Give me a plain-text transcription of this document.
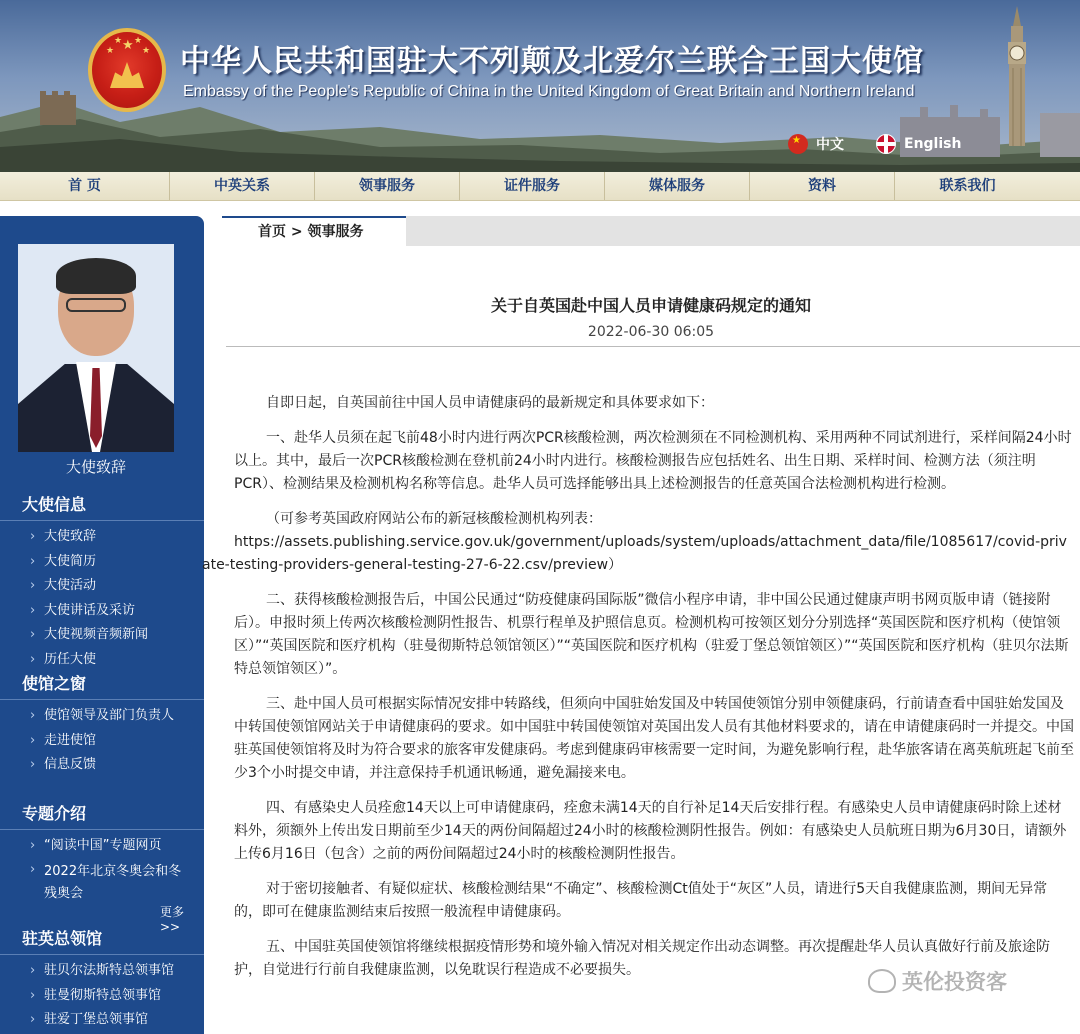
★
★
★ ★
★ 中华人民共和国驻大不列颠及北爱尔兰联合王国大使馆
Embassy of the People's Republic of China in the United Kingdom of Great Britain and Northern Ireland
★
中文	English
首 页	中英关系	领事服务	证件服务	媒体服务	资料	联系我们
大使致辞
大使信息
› 大使致辞
› 大使简历
› 大使活动
› 大使讲话及采访
› 大使视频音频新闻
› 历任大使
使馆之窗
› 使馆领导及部门负责人
› 走进使馆
› 信息反馈
专题介绍
› “阅读中国”专题网页
› 2022年北京冬奥会和冬残奥会
更多>>
驻英总领馆
› 驻贝尔法斯特总领事馆
› 驻曼彻斯特总领事馆
› 驻爱丁堡总领事馆
首页 > 领事服务
关于自英国赴中国人员申请健康码规定的通知
2022-06-30 06:05

自即日起，自英国前往中国人员申请健康码的最新规定和具体要求如下：

一、赴华人员须在起飞前48小时内进行两次PCR核酸检测，两次检测须在不同检测机构、采用两种不同试剂进行，采样间隔24小时以上。其中，最后一次PCR核酸检测在登机前24小时内进行。核酸检测报告应包括姓名、出生日期、采样时间、检测方法（须注明PCR）、检测结果及检测机构名称等信息。赴华人员可选择能够出具上述检测报告的任意英国合法检测机构进行检测。

（可参考英国政府网站公布的新冠核酸检测机构列表：
https://assets.publishing.service.gov.uk/government/uploads/system/uploads/attachment_data/file/1085617/covid-private-testing-providers-general-testing-27-6-22.csv/preview）

二、获得核酸检测报告后，中国公民通过“防疫健康码国际版”微信小程序申请，非中国公民通过健康声明书网页版申请（链接附后）。申报时须上传两次核酸检测阴性报告、机票行程单及护照信息页。检测机构可按领区划分分别选择“英国医院和医疗机构（使馆领区）”“英国医院和医疗机构（驻曼彻斯特总领馆领区）”“英国医院和医疗机构（驻爱丁堡总领馆领区）”“英国医院和医疗机构（驻贝尔法斯特总领馆领区）”。

三、赴中国人员可根据实际情况安排中转路线，但须向中国驻始发国及中转国使领馆分别申领健康码，行前请查看中国驻始发国及中转国使领馆网站关于申请健康码的要求。如中国驻中转国使领馆对英国出发人员有其他材料要求的，请在申请健康码时一并提交。中国驻英国使领馆将及时为符合要求的旅客审发健康码。考虑到健康码审核需要一定时间，为避免影响行程，赴华旅客请在离英航班起飞前至少3个小时提交申请，并注意保持手机通讯畅通，避免漏接来电。

四、有感染史人员痊愈14天以上可申请健康码，痊愈未满14天的自行补足14天后安排行程。有感染史人员申请健康码时除上述材料外，须额外上传出发日期前至少14天的两份间隔超过24小时的核酸检测阴性报告。例如：有感染史人员航班日期为6月30日，请额外上传6月16日（包含）之前的两份间隔超过24小时的核酸检测阴性报告。

对于密切接触者、有疑似症状、核酸检测结果“不确定”、核酸检测Ct值处于“灰区”人员，请进行5天自我健康监测，期间无异常的，即可在健康监测结束后按照一般流程申请健康码。

五、中国驻英国使领馆将继续根据疫情形势和境外输入情况对相关规定作出动态调整。再次提醒赴华人员认真做好行前及旅途防护，自觉进行行前自我健康监测，以免耽误行程造成不必要损失。	英伦投资客
